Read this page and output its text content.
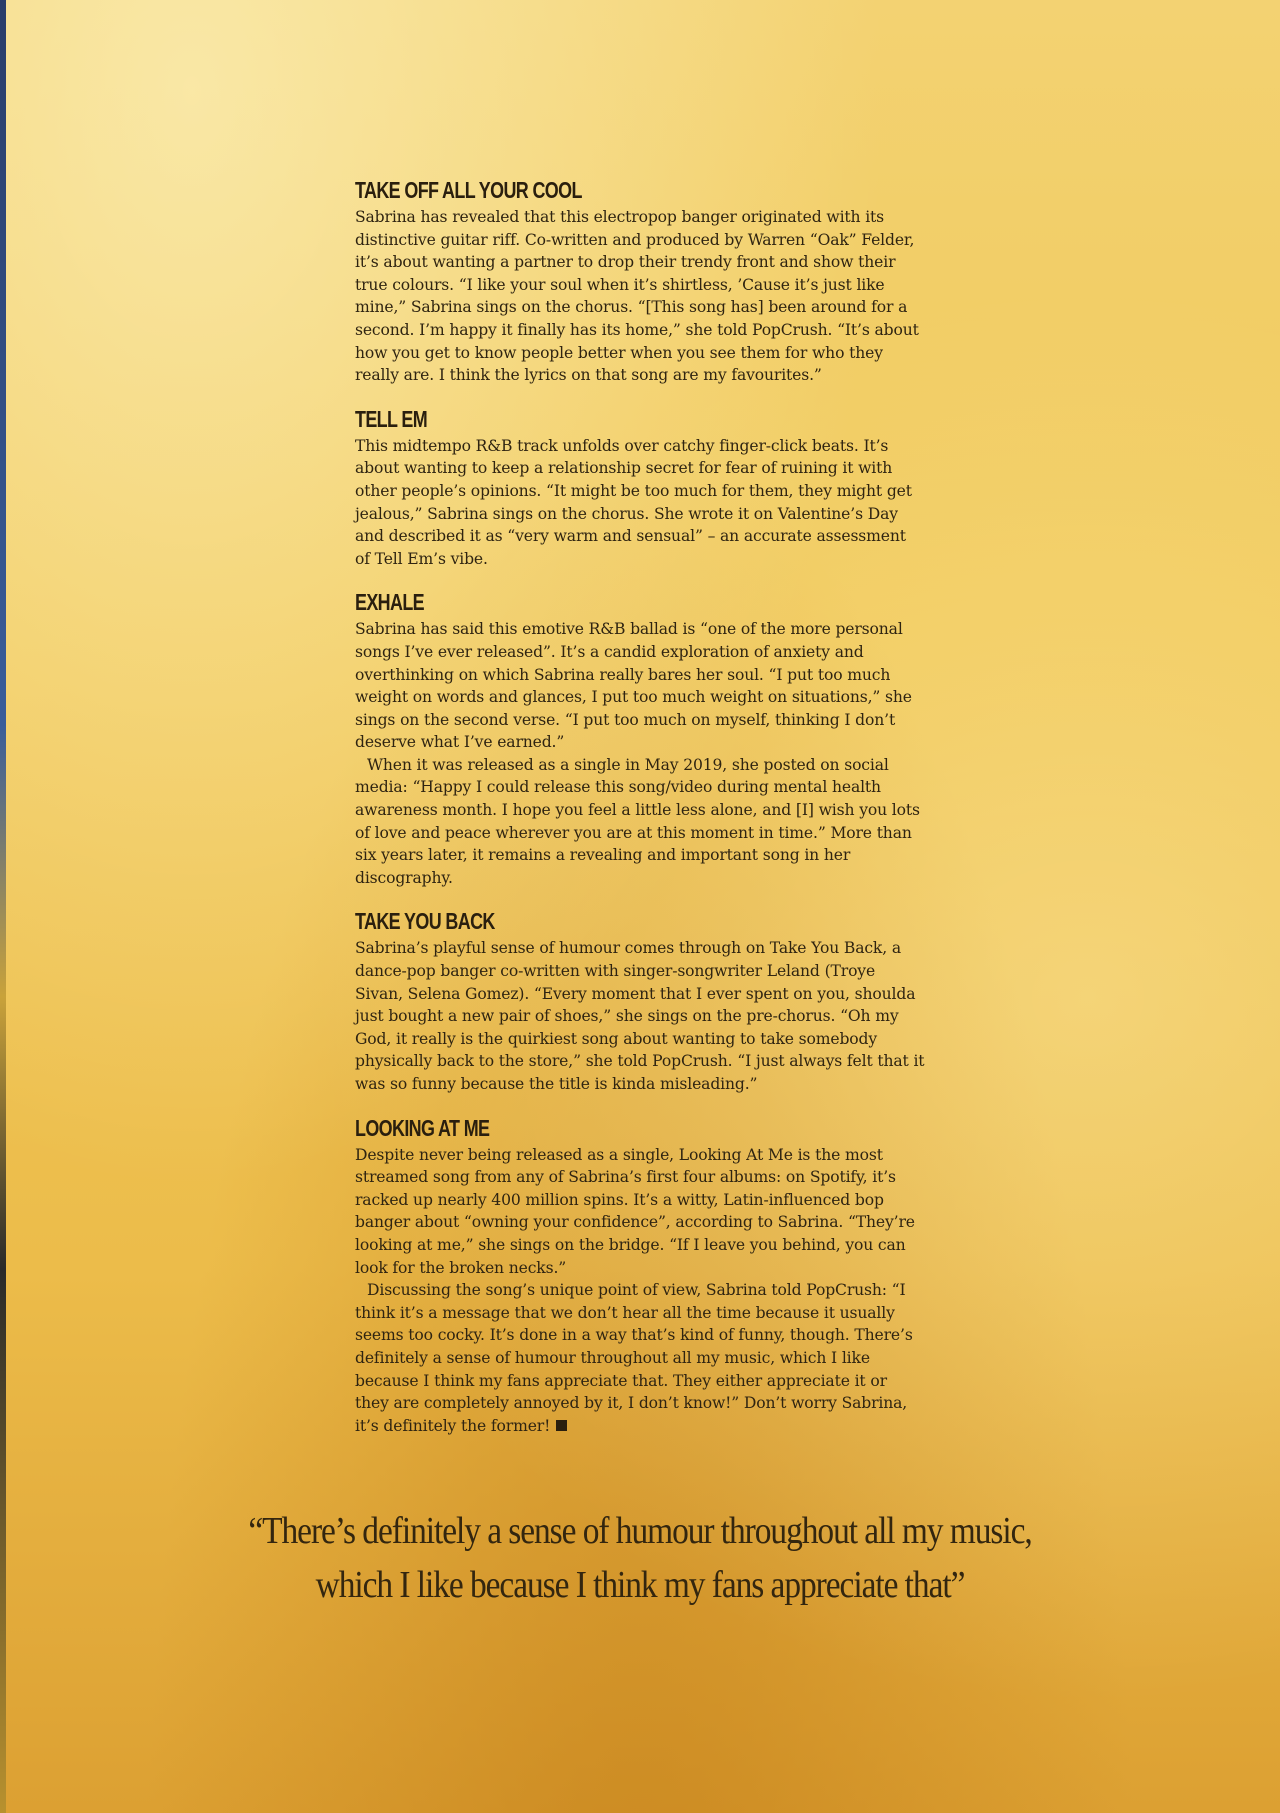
TAKE OFF ALL YOUR COOL

Sabrina has revealed that this electropop banger originated with its distinctive guitar riff. Co-written and produced by Warren “Oak” Felder, it’s about wanting a partner to drop their trendy front and show their true colours. “I like your soul when it’s shirtless, ’Cause it’s just like mine,” Sabrina sings on the chorus. “[This song has] been around for a second. I’m happy it finally has its home,” she told PopCrush. “It’s about how you get to know people better when you see them for who they really are. I think the lyrics on that song are my favourites.”

TELL EM

This midtempo R&B track unfolds over catchy finger-click beats. It’s about wanting to keep a relationship secret for fear of ruining it with other people’s opinions. “It might be too much for them, they might get jealous,” Sabrina sings on the chorus. She wrote it on Valentine’s Day and described it as “very warm and sensual” – an accurate assessment of Tell Em’s vibe.

EXHALE

Sabrina has said this emotive R&B ballad is “one of the more personal songs I’ve ever released”. It’s a candid exploration of anxiety and overthinking on which Sabrina really bares her soul. “I put too much weight on words and glances, I put too much weight on situations,” she sings on the second verse. “I put too much on myself, thinking I don’t deserve what I’ve earned.”

When it was released as a single in May 2019, she posted on social media: “Happy I could release this song/video during mental health awareness month. I hope you feel a little less alone, and [I] wish you lots of love and peace wherever you are at this moment in time.” More than six years later, it remains a revealing and important song in her discography.

TAKE YOU BACK

Sabrina’s playful sense of humour comes through on Take You Back, a dance-pop banger co-written with singer-songwriter Leland (Troye Sivan, Selena Gomez). “Every moment that I ever spent on you, shoulda just bought a new pair of shoes,” she sings on the pre-chorus. “Oh my God, it really is the quirkiest song about wanting to take somebody physically back to the store,” she told PopCrush. “I just always felt that it was so funny because the title is kinda misleading.”

LOOKING AT ME

Despite never being released as a single, Looking At Me is the most streamed song from any of Sabrina’s first four albums: on Spotify, it’s racked up nearly 400 million spins. It’s a witty, Latin-influenced bop banger about “owning your confidence”, according to Sabrina. “They’re looking at me,” she sings on the bridge. “If I leave you behind, you can look for the broken necks.”

Discussing the song’s unique point of view, Sabrina told PopCrush: “I think it’s a message that we don’t hear all the time because it usually seems too cocky. It’s done in a way that’s kind of funny, though. There’s definitely a sense of humour throughout all my music, which I like because I think my fans appreciate that. They either appreciate it or they are completely annoyed by it, I don’t know!” Don’t worry Sabrina, it’s definitely the former!

“There’s definitely a sense of humour throughout all my music, which I like because I think my fans appreciate that”
